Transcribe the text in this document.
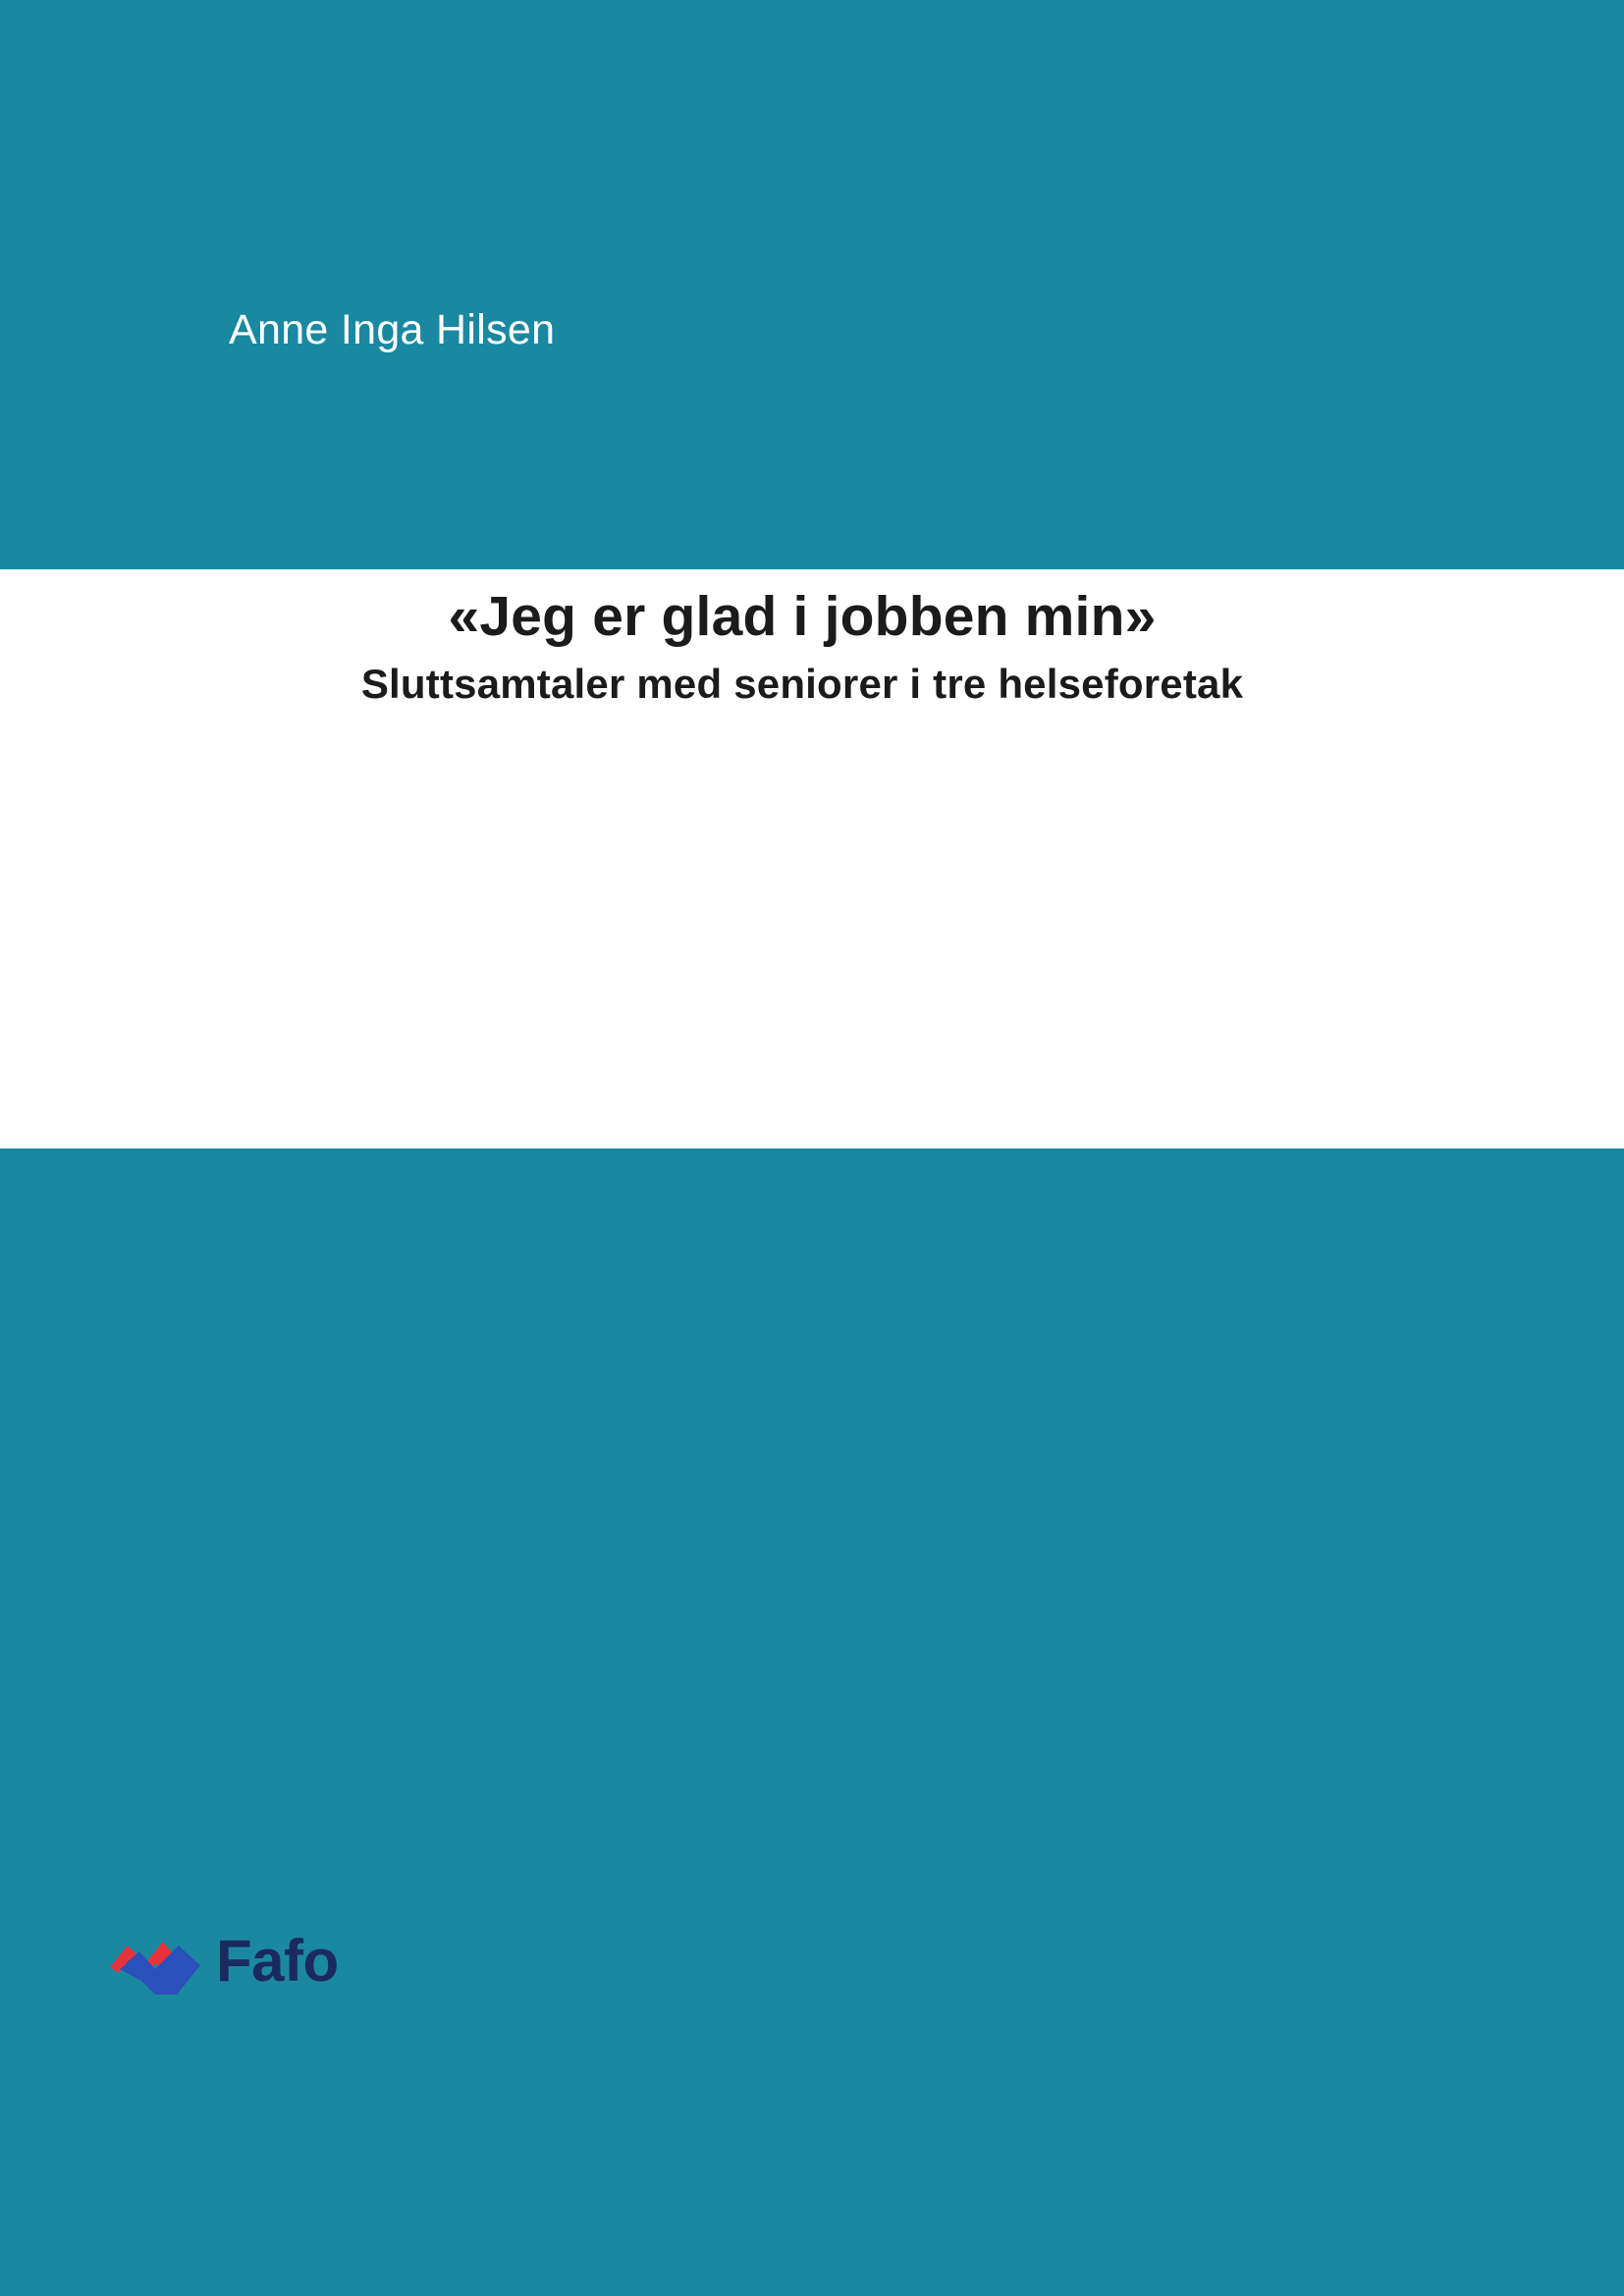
Anne Inga Hilsen
«Jeg er glad i jobben min»
Sluttsamtaler med seniorer i tre helseforetak
Fafo
